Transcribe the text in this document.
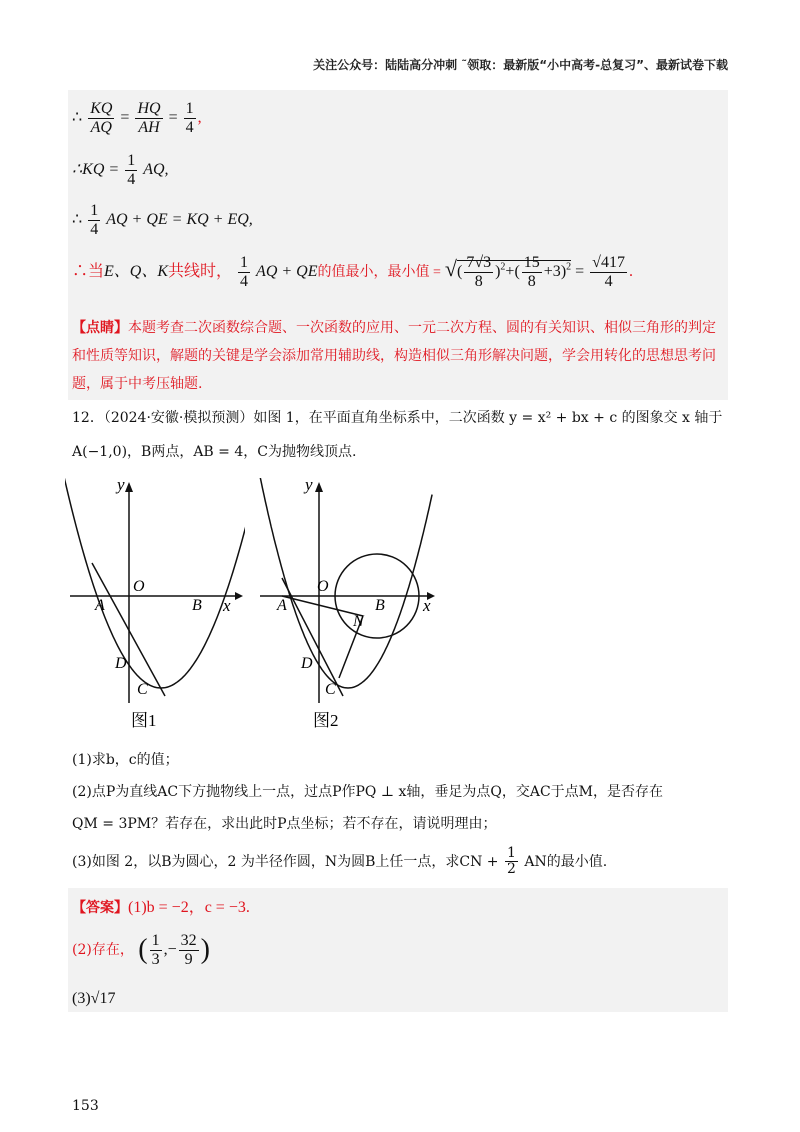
关注公众号：陆陆高分冲刺 ˜领取：最新版“小中高考-总复习”、最新试卷下载
∴ $\frac{KQ}{AQ} = \frac{HQ}{AH} = \frac{1}{4}$ ,
∴KQ = $\frac{1}{4}$ AQ,
∴ $\frac{1}{4}$ AQ + QE = KQ + EQ,
∴当E、Q、K共线时， $\frac{1}{4}$ AQ + QE的值最小，最小值 = √( $\frac{7√3}{8} )^2+( \frac{15}{8} +3)^2 = \frac{√417}{4}$ .
【点睛】本题考查二次函数综合题、一次函数的应用、一元二次方程、圆的有关知识、相似三角形的判定和性质等知识，解题的关键是学会添加常用辅助线，构造相似三角形解决问题，学会用转化的思想思考问题，属于中考压轴题.
12．（2024·安徽·模拟预测）如图 1，在平面直角坐标系中，二次函数 y = x² + bx + c 的图象交 x 轴于
A(−1,0)，B两点，AB = 4，C为抛物线顶点.
y
x
O
A	B
D
C
图1
y
x
O
A	B
N
D
C
图2
(1)求b，c的值；
(2)点P为直线AC下方抛物线上一点，过点P作PQ ⊥ x轴，垂足为点Q，交AC于点M，是否存在
QM = 3PM？若存在，求出此时P点坐标；若不存在，请说明理由；
(3)如图 2，以B为圆心，2 为半径作圆，N为圆B上任一点，求CN + $\frac{1}{2}$ AN的最小值.
【答案】(1)b = −2，c = −3.
(2)存在， ( $\frac{1}{3}$ ,− $\frac{32}{9}$ )
(3)√17
153
